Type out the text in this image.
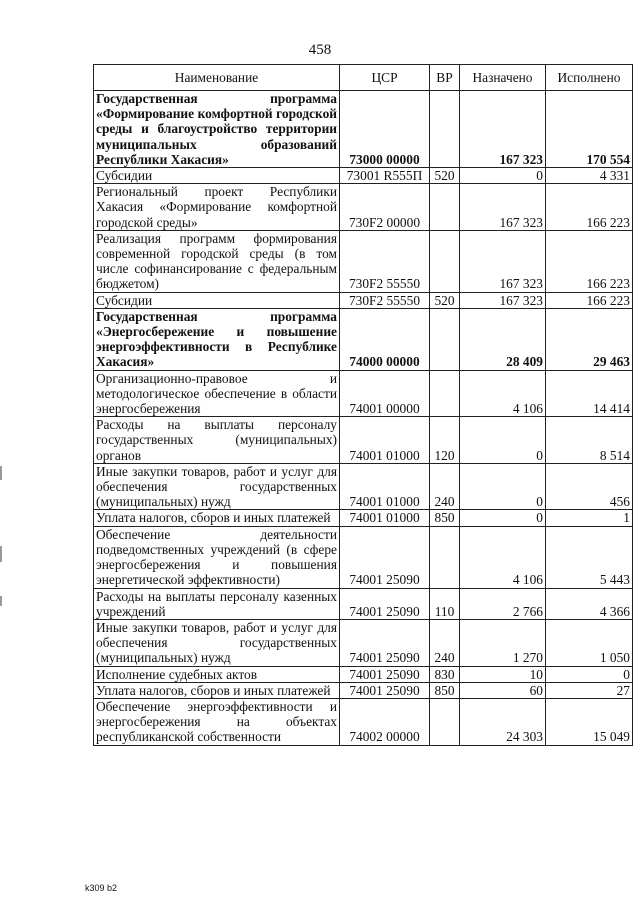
458
Наименование	ЦСР	ВР	Назначено	Исполнено
Государственная программа «Формирование комфортной городской среды и благоустройство территории муниципальных образований Республики Хакасия»	73000 00000		167 323	170 554
Субсидии	73001 R555П	520	0	4 331
Региональный проект Республики Хакасия «Формирование комфортной городской среды»	730F2 00000		167 323	166 223
Реализация программ формирования современной городской среды (в том числе софинансирование с федеральным бюджетом)	730F2 55550		167 323	166 223
Субсидии	730F2 55550	520	167 323	166 223
Государственная программа «Энергосбережение и повышение энергоэффективности в Республике Хакасия»	74000 00000		28 409	29 463
Организационно-правовое и методологическое обеспечение в области энергосбережения	74001 00000		4 106	14 414
Расходы на выплаты персоналу государственных (муниципальных) органов	74001 01000	120	0	8 514
Иные закупки товаров, работ и услуг для обеспечения государственных (муниципальных) нужд	74001 01000	240	0	456
Уплата налогов, сборов и иных платежей	74001 01000	850	0	1
Обеспечение деятельности подведомственных учреждений (в сфере энергосбережения и повышения энергетической эффективности)	74001 25090		4 106	5 443
Расходы на выплаты персоналу казенных учреждений	74001 25090	110	2 766	4 366
Иные закупки товаров, работ и услуг для обеспечения государственных (муниципальных) нужд	74001 25090	240	1 270	1 050
Исполнение судебных актов	74001 25090	830	10	0
Уплата налогов, сборов и иных платежей	74001 25090	850	60	27
Обеспечение энергоэффективности и энергосбережения на объектах республиканской собственности	74002 00000		24 303	15 049
k309 b2
